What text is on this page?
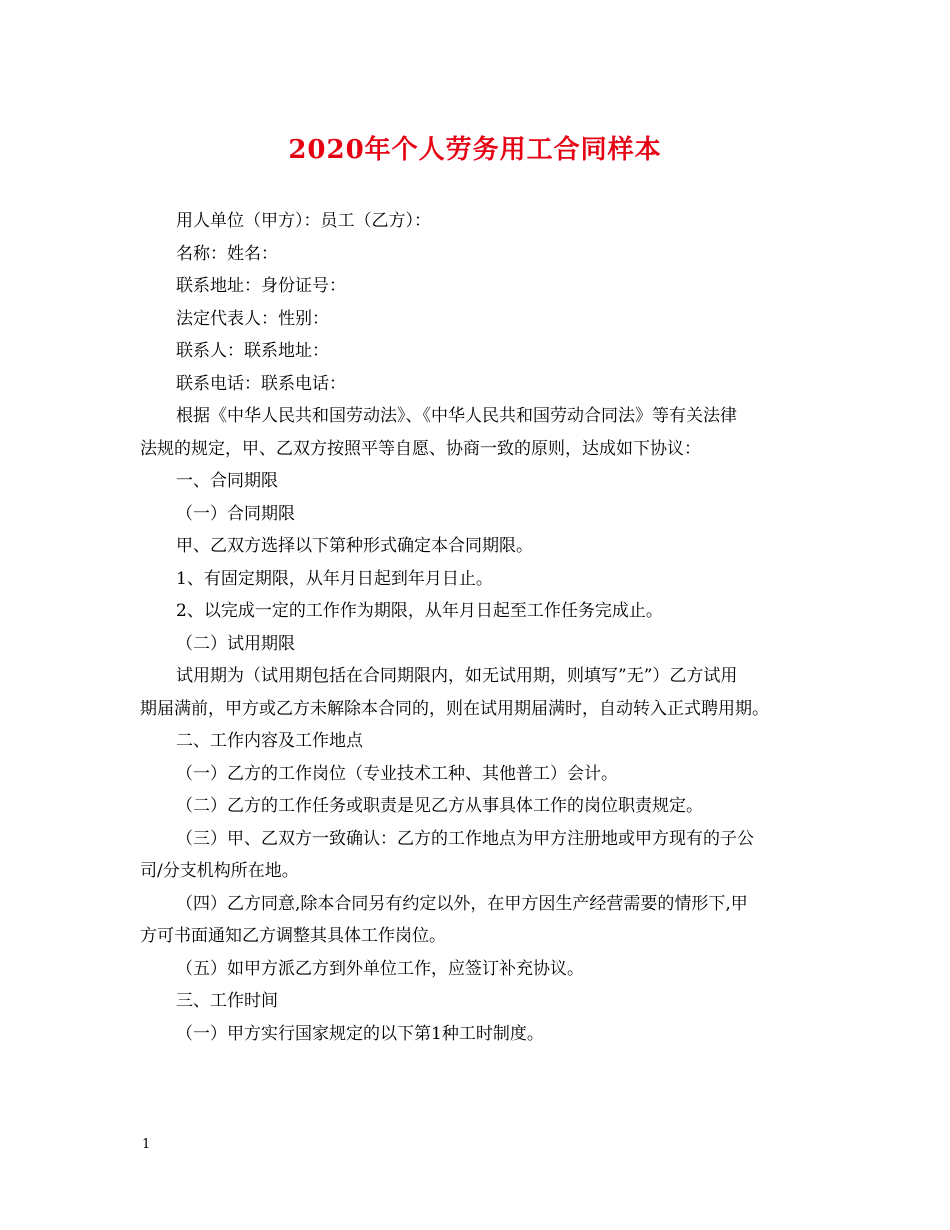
2020年个人劳务用工合同样本

用人单位（甲方）：员工（乙方）：

名称：姓名：

联系地址：身份证号：

法定代表人：性别：

联系人：联系地址：

联系电话：联系电话：

根据《中华人民共和国劳动法》、《中华人民共和国劳动合同法》等有关法律

法规的规定，甲、乙双方按照平等自愿、协商一致的原则，达成如下协议：

一、合同期限

（一）合同期限

甲、乙双方选择以下第种形式确定本合同期限。

1、有固定期限，从年月日起到年月日止。

2、以完成一定的工作作为期限，从年月日起至工作任务完成止。

（二）试用期限

试用期为（试用期包括在合同期限内，如无试用期，则填写”无”）乙方试用

期届满前，甲方或乙方未解除本合同的，则在试用期届满时，自动转入正式聘用期。

二、工作内容及工作地点

（一）乙方的工作岗位（专业技术工种、其他普工）会计。

（二）乙方的工作任务或职责是见乙方从事具体工作的岗位职责规定。

（三）甲、乙双方一致确认：乙方的工作地点为甲方注册地或甲方现有的子公

司/分支机构所在地。

（四）乙方同意,除本合同另有约定以外，在甲方因生产经营需要的情形下,甲

方可书面通知乙方调整其具体工作岗位。

（五）如甲方派乙方到外单位工作，应签订补充协议。

三、工作时间

（一）甲方实行国家规定的以下第1种工时制度。

1
